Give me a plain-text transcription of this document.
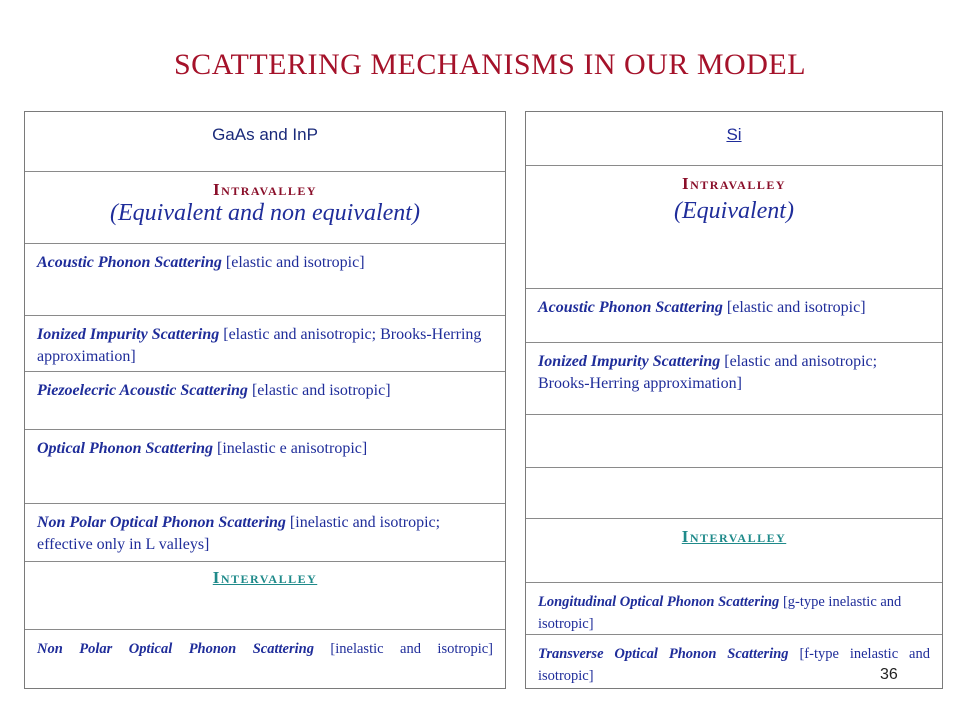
SCATTERING MECHANISMS IN OUR MODEL
GaAs and InP
Intravalley
(Equivalent and non equivalent)
Acoustic Phonon Scattering [elastic and isotropic]
Ionized Impurity Scattering [elastic and anisotropic; Brooks-Herring approximation]
Piezoelecric Acoustic Scattering [elastic and isotropic]
Optical Phonon Scattering [inelastic e anisotropic]
Non Polar Optical Phonon Scattering [inelastic and isotropic; effective only in L valleys]
Intervalley
Non Polar Optical Phonon Scattering [inelastic and isotropic]
Si
Intravalley
(Equivalent)
Acoustic Phonon Scattering [elastic and isotropic]
Ionized Impurity Scattering [elastic and anisotropic; Brooks-Herring approximation]
Intervalley
Longitudinal Optical Phonon Scattering [g-type inelastic and isotropic]
Transverse Optical Phonon Scattering [f-type inelastic and isotropic]	36
